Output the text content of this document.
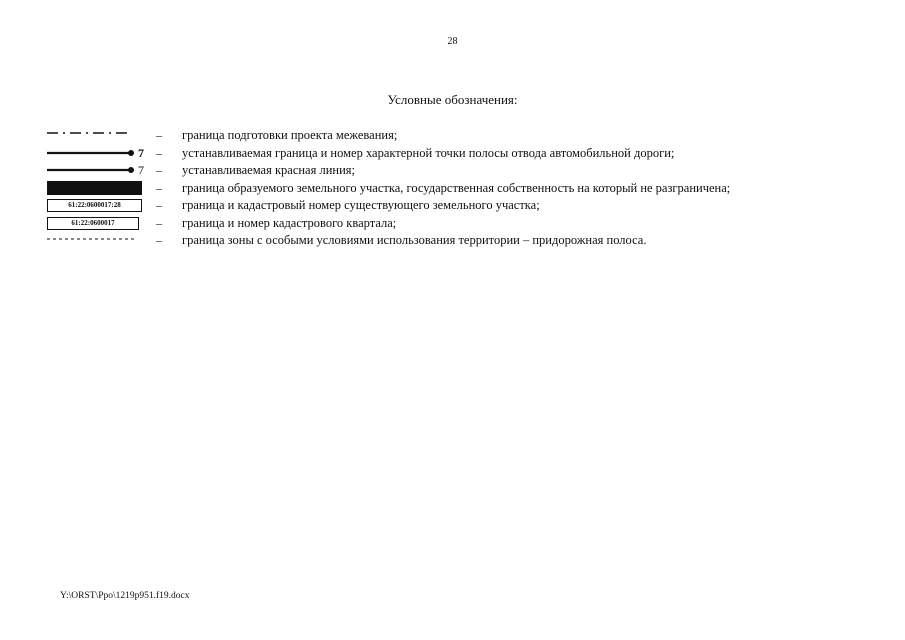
28
Условные обозначения:
– граница подготовки проекта межевания;
7 – устанавливаемая граница и номер характерной точки полосы отвода автомобильной дороги;
7 – устанавливаемая красная линия;
– граница образуемого земельного участка, государственная собственность на который не разграничена;
61:22:0600017:28	– граница и кадастровый номер существующего земельного участка;
61:22:0600017	– граница и номер кадастрового квартала;
– граница зоны с особыми условиями использования территории – придорожная полоса.
Y:\ORST\Ppo\1219p951.f19.docx
